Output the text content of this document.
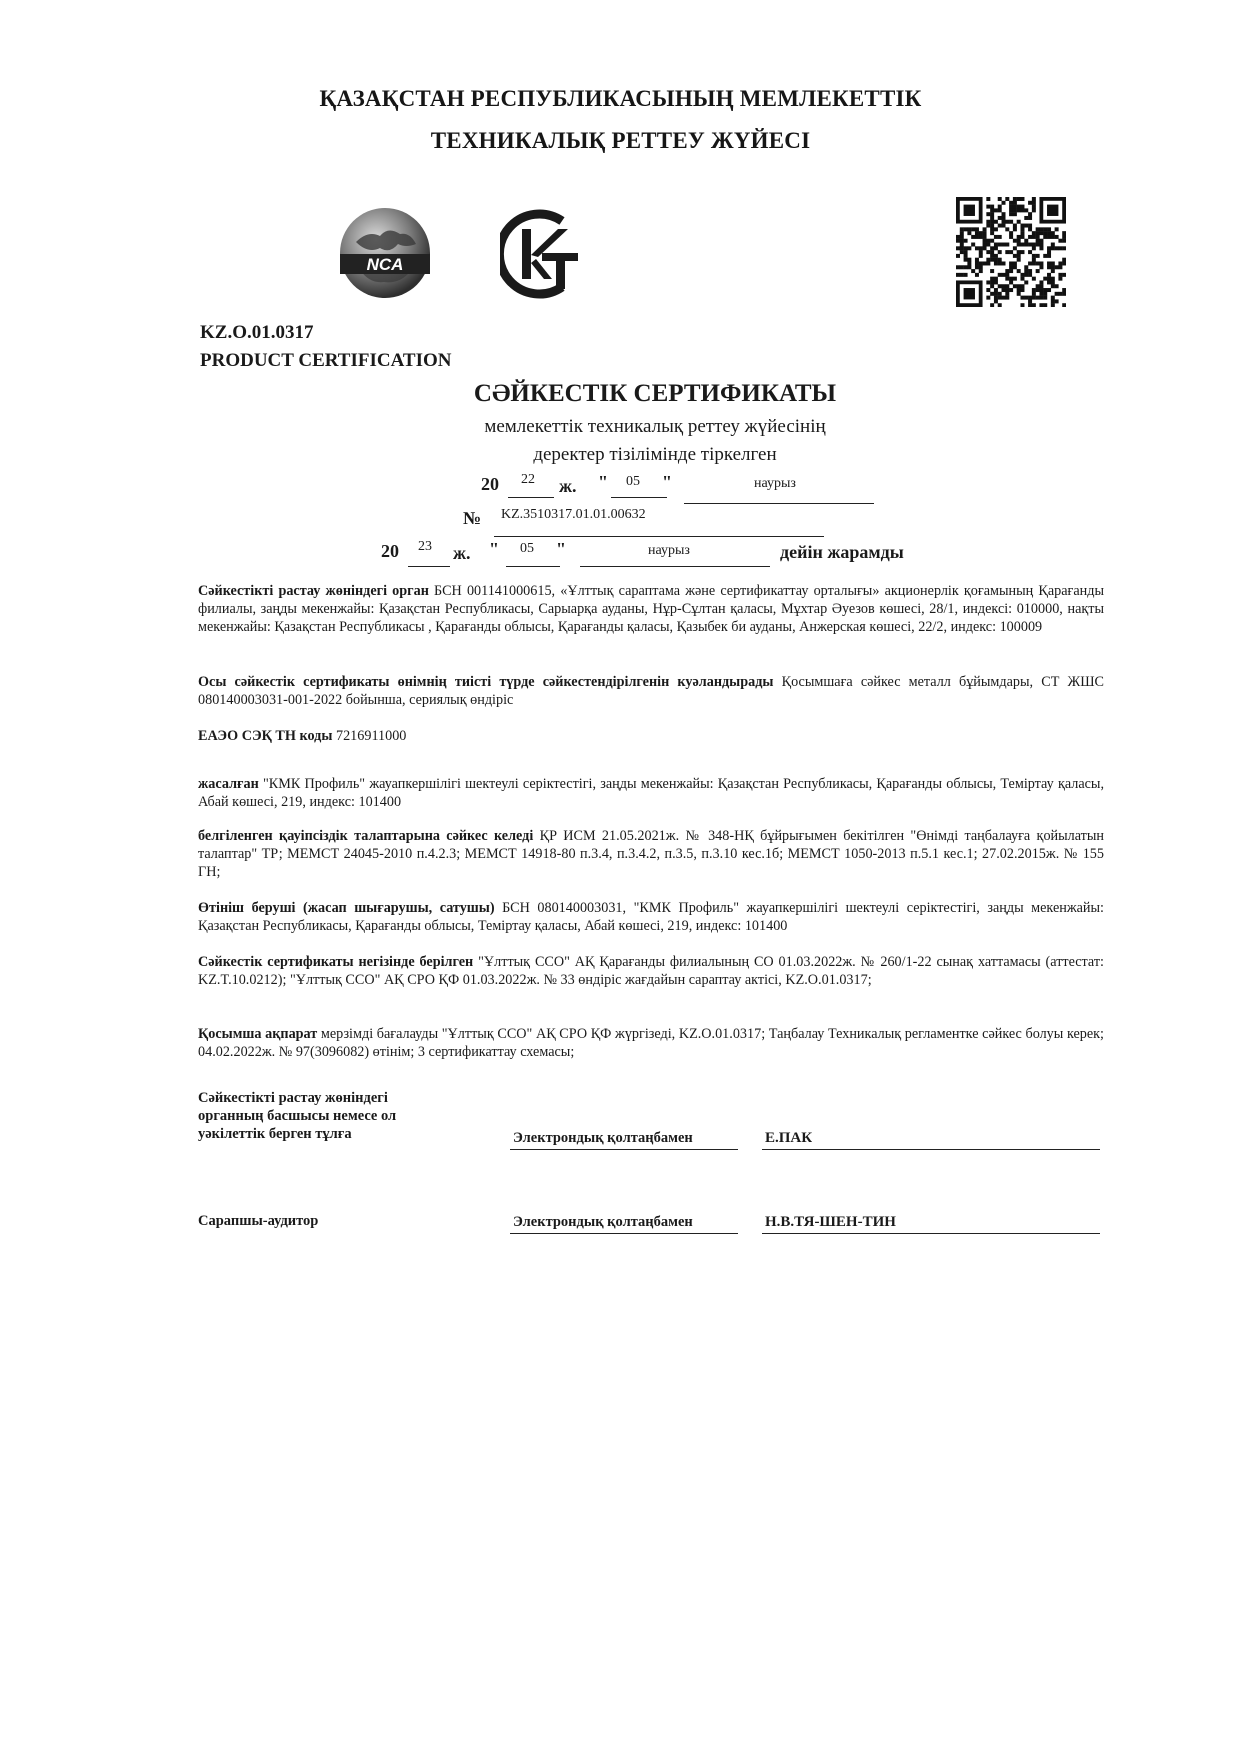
ҚАЗАҚСТАН РЕСПУБЛИКАСЫНЫҢ МЕМЛЕКЕТТІК
ТЕХНИКАЛЫҚ РЕТТЕУ ЖҮЙЕСІ
NCA
KZ.O.01.0317
PRODUCT CERTIFICATION
СӘЙКЕСТІК СЕРТИФИКАТЫ
мемлекеттік техникалық реттеу жүйесінің
деректер тізілімінде тіркелген
20 22 ж. " 05 "	наурыз
№ KZ.3510317.01.01.00632
20 23 ж. " 05 "	наурыз	дейін жарамды
Сәйкестікті растау жөніндегі орган БСН 001141000615, «Ұлттық сараптама және сертификаттау орталығы» акционерлік қоғамының Қарағанды филиалы, заңды мекенжайы: Қазақстан Республикасы, Сарыарқа ауданы, Нұр-Сұлтан қаласы, Мұхтар Әуезов көшесі, 28/1, индексі: 010000, нақты мекенжайы: Қазақстан Республикасы , Қарағанды облысы, Қарағанды қаласы, Қазыбек би ауданы, Анжерская көшесі, 22/2, индекс: 100009
Осы сәйкестік сертификаты өнімнің тиісті түрде сәйкестендірілгенін куәландырады Қосымшаға сәйкес металл бұйымдары, СТ ЖШС 080140003031-001-2022 бойынша, сериялық өндіріс
ЕАЭО СЭҚ ТН коды 7216911000
жасалған "КМК Профиль" жауапкершілігі шектеулі серіктестігі, заңды мекенжайы: Қазақстан Республикасы, Қарағанды облысы, Теміртау қаласы, Абай көшесі, 219, индекс: 101400
белгіленген қауіпсіздік талаптарына сәйкес келеді ҚР ИСМ 21.05.2021ж. № 348-НҚ бұйрығымен бекітілген "Өнімді таңбалауға қойылатын талаптар" ТР; МЕМСТ 24045-2010 п.4.2.3; МЕМСТ 14918-80 п.3.4, п.3.4.2, п.3.5, п.3.10 кес.1б; МЕМСТ 1050-2013 п.5.1 кес.1; 27.02.2015ж. № 155 ГН;
Өтініш беруші (жасап шығарушы, сатушы) БСН 080140003031, "КМК Профиль" жауапкершілігі шектеулі серіктестігі, заңды мекенжайы: Қазақстан Республикасы, Қарағанды облысы, Теміртау қаласы, Абай көшесі, 219, индекс: 101400
Сәйкестік сертификаты негізінде берілген "Ұлттық ССО" АҚ Қарағанды филиалының СО 01.03.2022ж. № 260/1-22 сынақ хаттамасы (аттестат: KZ.T.10.0212); "Ұлттық ССО" АҚ СРО ҚФ 01.03.2022ж. № 33 өндіріс жағдайын сараптау актісі, KZ.O.01.0317;
Қосымша ақпарат мерзімді бағалауды "Ұлттық ССО" АҚ СРО ҚФ жүргізеді, KZ.O.01.0317; Таңбалау Техникалық регламентке сәйкес болуы керек; 04.02.2022ж. № 97(3096082) өтінім; 3 сертификаттау схемасы;
Сәйкестікті растау жөніндегі
органның басшысы немесе ол
уәкілеттік берген тұлға	Электрондық қолтаңбамен	Е.ПАК
Сарапшы-аудитор	Электрондық қолтаңбамен	Н.В.ТЯ-ШЕН-ТИН
